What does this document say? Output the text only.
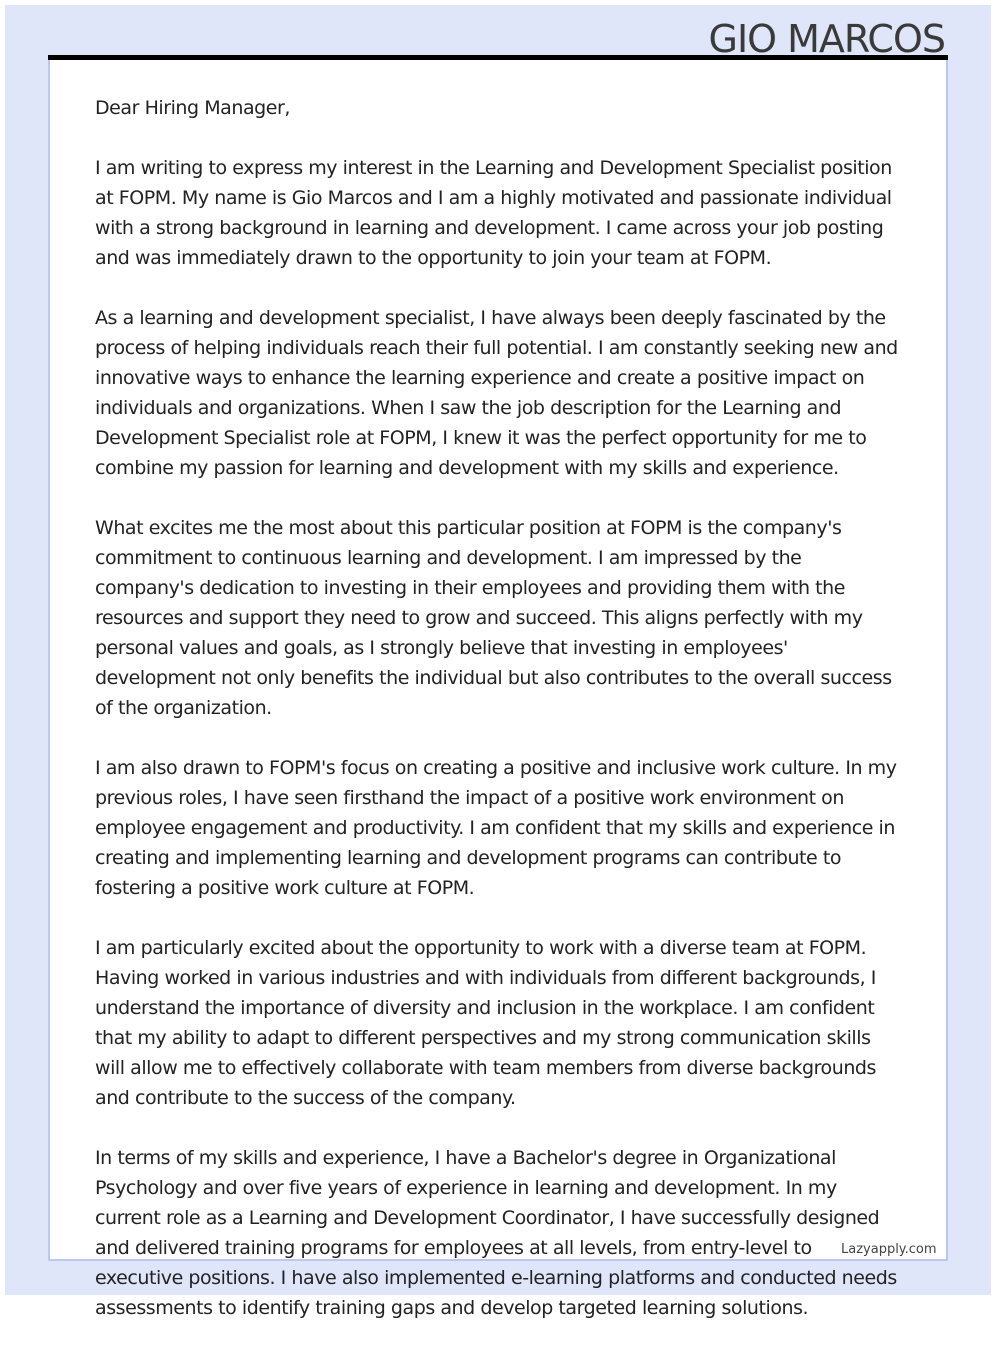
GIO MARCOS

Dear Hiring Manager,

I am writing to express my interest in the Learning and Development Specialist position at FOPM. My name is Gio Marcos and I am a highly motivated and passionate individual with a strong background in learning and development. I came across your job posting and was immediately drawn to the opportunity to join your team at FOPM.

As a learning and development specialist, I have always been deeply fascinated by the process of helping individuals reach their full potential. I am constantly seeking new and innovative ways to enhance the learning experience and create a positive impact on individuals and organizations. When I saw the job description for the Learning and Development Specialist role at FOPM, I knew it was the perfect opportunity for me to combine my passion for learning and development with my skills and experience.

What excites me the most about this particular position at FOPM is the company's commitment to continuous learning and development. I am impressed by the company's dedication to investing in their employees and providing them with the resources and support they need to grow and succeed. This aligns perfectly with my personal values and goals, as I strongly believe that investing in employees' development not only benefits the individual but also contributes to the overall success of the organization.

I am also drawn to FOPM's focus on creating a positive and inclusive work culture. In my previous roles, I have seen firsthand the impact of a positive work environment on employee engagement and productivity. I am confident that my skills and experience in creating and implementing learning and development programs can contribute to fostering a positive work culture at FOPM.

I am particularly excited about the opportunity to work with a diverse team at FOPM. Having worked in various industries and with individuals from different backgrounds, I understand the importance of diversity and inclusion in the workplace. I am confident that my ability to adapt to different perspectives and my strong communication skills will allow me to effectively collaborate with team members from diverse backgrounds and contribute to the success of the company.

In terms of my skills and experience, I have a Bachelor's degree in Organizational Psychology and over five years of experience in learning and development. In my current role as a Learning and Development Coordinator, I have successfully designed and delivered training programs for employees at all levels, from entry-level to executive positions. I have also implemented e-learning platforms and conducted needs assessments to identify training gaps and develop targeted learning solutions.

Lazyapply.com
